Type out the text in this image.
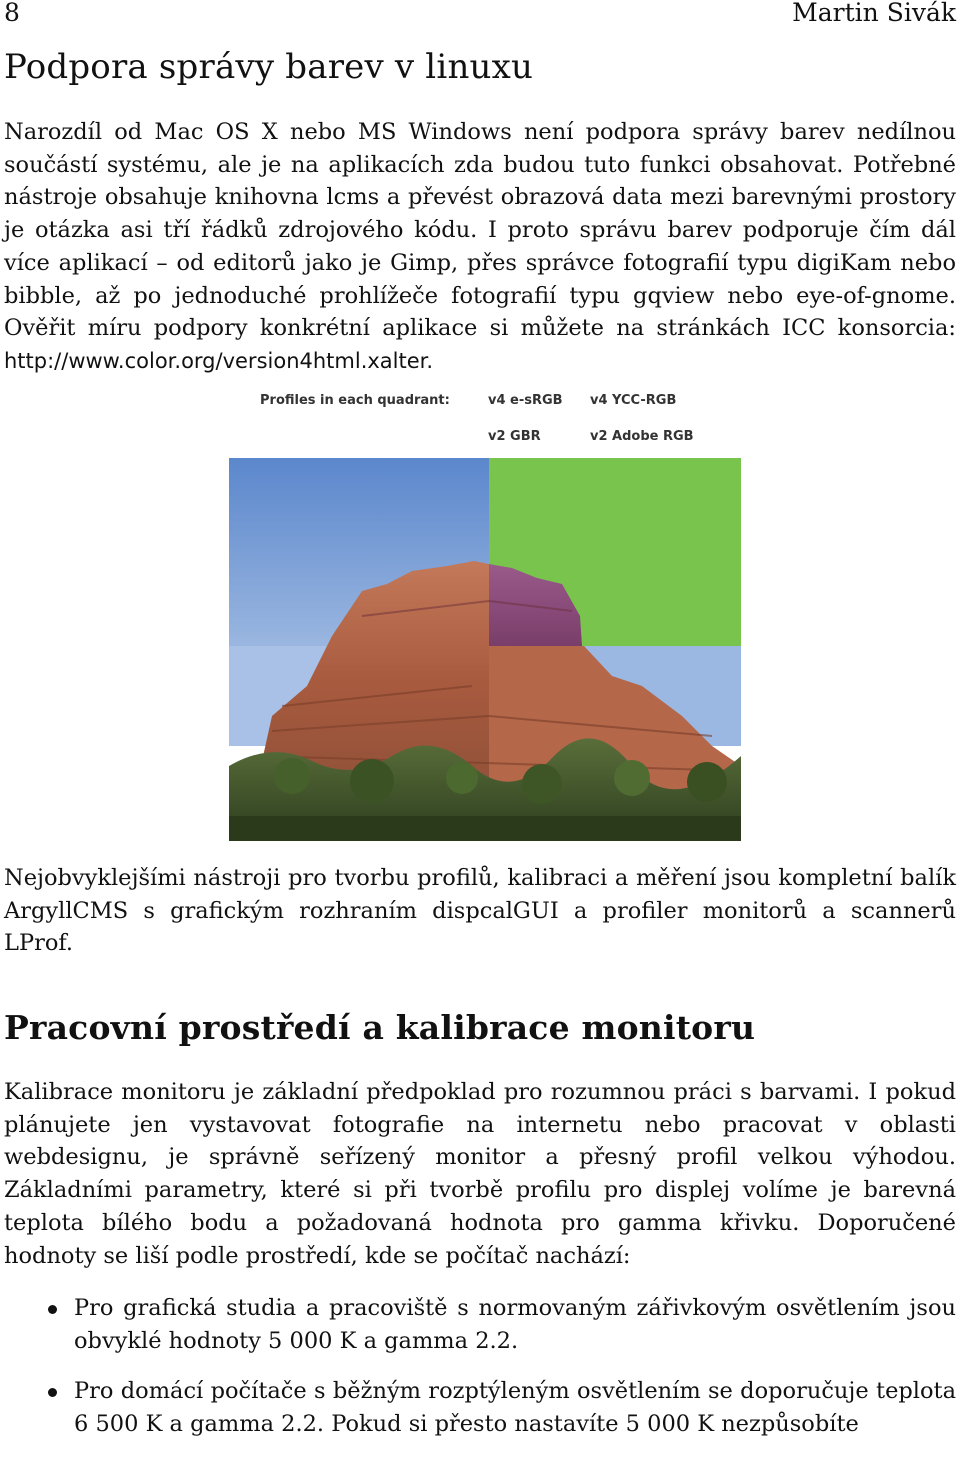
8	Martin Sivák
Podpora správy barev v linuxu

Narozdíl od Mac OS X nebo MS Windows není podpora správy barev nedílnou součástí systému, ale je na aplikacích zda budou tuto funkci obsahovat. Potřebné nástroje obsahuje knihovna lcms a převést obrazová data mezi barevnými prostory je otázka asi tří řádků zdrojového kódu. I proto správu barev podporuje čím dál více aplikací – od editorů jako je Gimp, přes správce fotografií typu digiKam nebo bibble, až po jednoduché prohlížeče fotografií typu gqview nebo eye-of-gnome. Ověřit míru podpory konkrétní aplikace si můžete na stránkách ICC konsorcia: http://www.color.org/version4html.xalter.

Profiles in each quadrant:	v4 e-sRGB v4 YCC-RGB
v2 GBR	v2 Adobe RGB

Nejobvyklejšími nástroji pro tvorbu profilů, kalibraci a měření jsou kompletní balík ArgyllCMS s grafickým rozhraním dispcalGUI a profiler monitorů a scannerů LProf.

Pracovní prostředí a kalibrace monitoru

Kalibrace monitoru je základní předpoklad pro rozumnou práci s barvami. I pokud plánujete jen vystavovat fotografie na internetu nebo pracovat v oblasti webdesignu, je správně seřízený monitor a přesný profil velkou výhodou. Základními parametry, které si při tvorbě profilu pro displej volíme je barevná teplota bílého bodu a požadovaná hodnota pro gamma křivku. Doporučené hodnoty se liší podle prostředí, kde se počítač nachází:

Pro grafická studia a pracoviště s normovaným zářivkovým osvětlením jsou obvyklé hodnoty 5 000 K a gamma 2.2.
Pro domácí počítače s běžným rozptýleným osvětlením se doporučuje teplota 6 500 K a gamma 2.2. Pokud si přesto nastavíte 5 000 K nezpůsobíte
